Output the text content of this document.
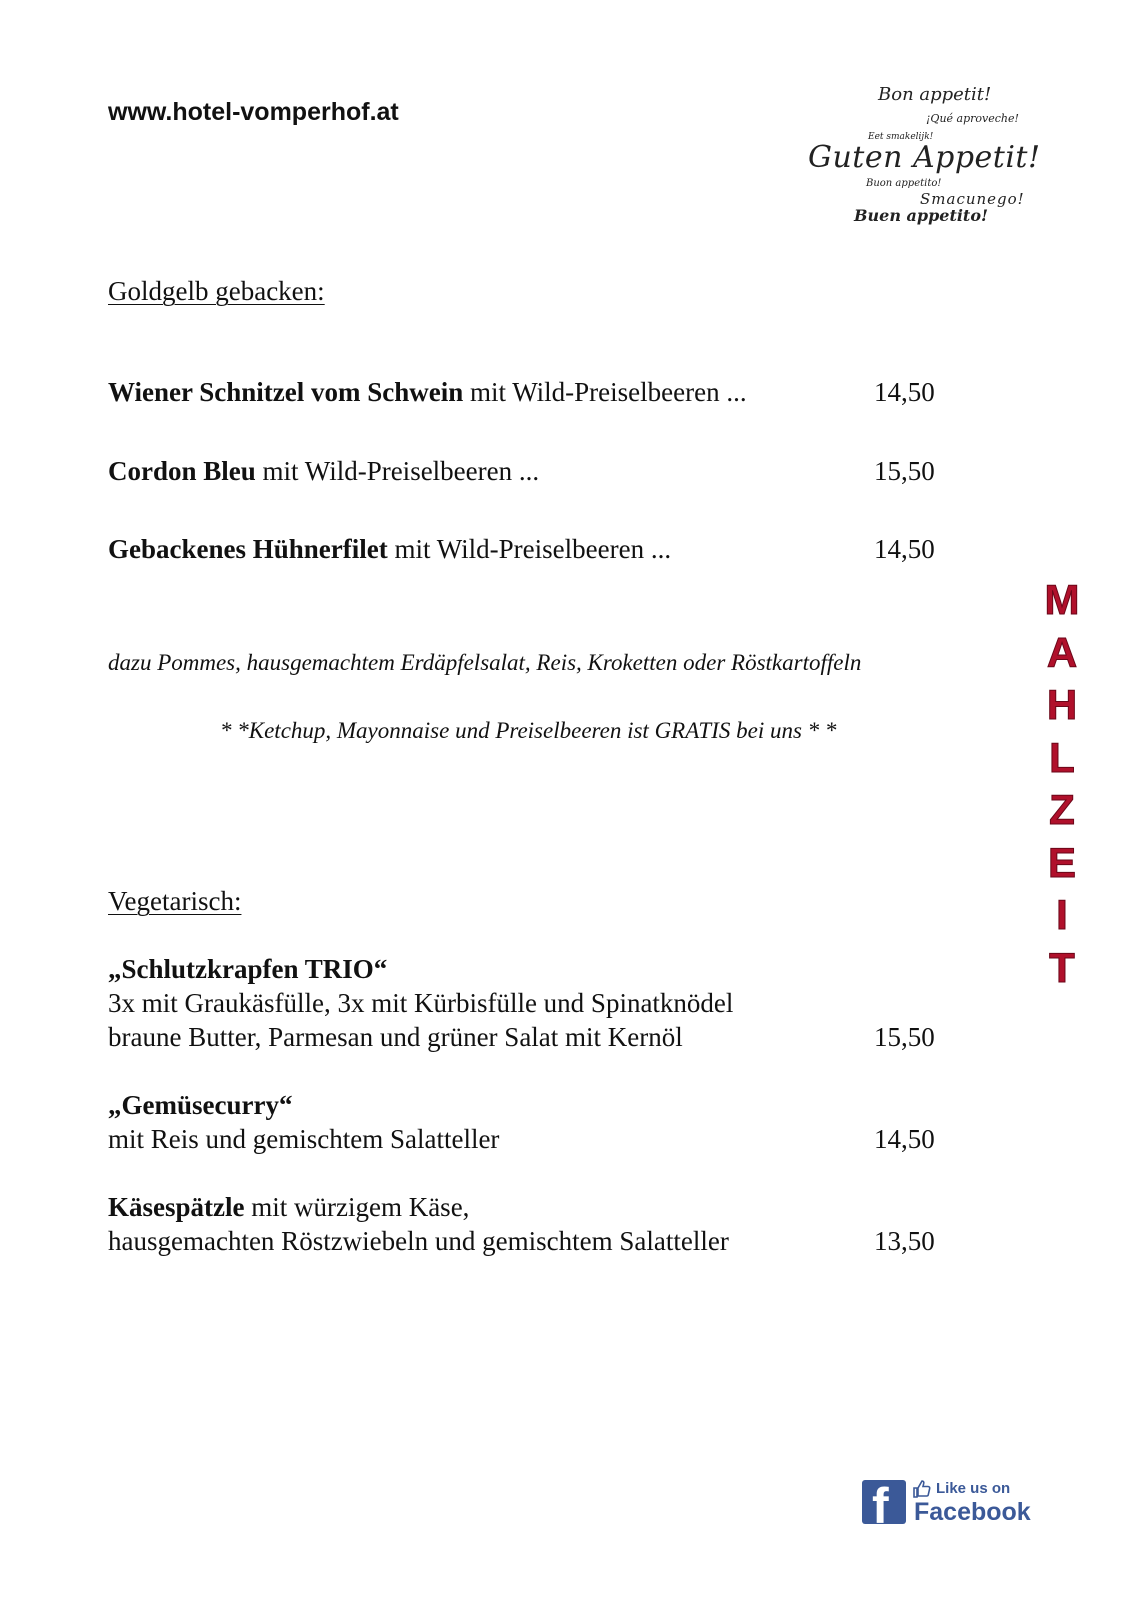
www.hotel-vomperhof.at
Bon appetit!
¡Qué aproveche!
Eet smakelijk!
Guten Appetit!
Buon appetito!
Smacunego!
Buen appetito!
Goldgelb gebacken:
Wiener Schnitzel vom Schwein mit Wild-Preiselbeeren ...	14,50
Cordon Bleu mit Wild-Preiselbeeren ...	15,50
Gebackenes Hühnerfilet mit Wild-Preiselbeeren ...	14,50
dazu Pommes, hausgemachtem Erdäpfelsalat, Reis, Kroketten oder Röstkartoffeln
* *Ketchup, Mayonnaise und Preiselbeeren ist GRATIS bei uns * *
Vegetarisch:
„Schlutzkrapfen TRIO“
3x mit Graukäsfülle, 3x mit Kürbisfülle und Spinatknödel
braune Butter, Parmesan und grüner Salat mit Kernöl	15,50
„Gemüsecurry“
mit Reis und gemischtem Salatteller	14,50
Käsespätzle mit würzigem Käse,
hausgemachten Röstzwiebeln und gemischtem Salatteller	13,50
M
A
H
L
Z
E
I
T
f	Like us on
Facebook
